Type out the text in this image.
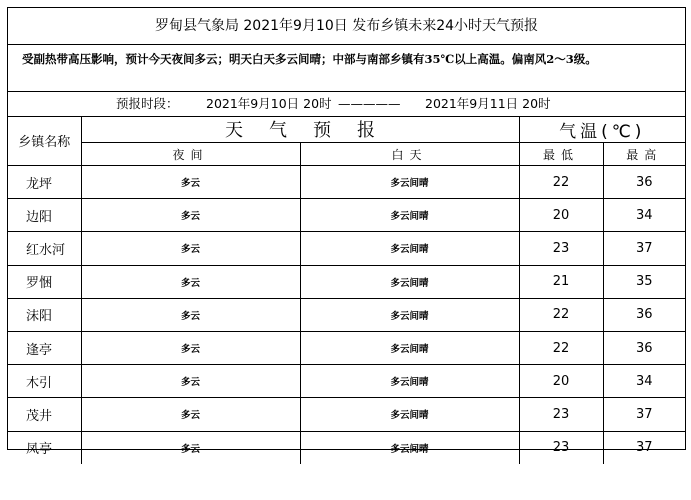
罗甸县气象局 2021年9月10日 发布乡镇未来24小时天气预报
受副热带高压影响，预计今天夜间多云；明天白天多云间晴；中部与南部乡镇有35℃以上高温。偏南风2～3级。
预报时段： 2021年9月10日 20时 ————— 2021年9月11日 20时
乡镇名称	天气预报		气温(℃)	
	夜间	白天	最低	最高
龙坪	多云	多云间晴	22	36
边阳	多云	多云间晴	20	34
红水河	多云	多云间晴	23	37
罗悃	多云	多云间晴	21	35
沫阳	多云	多云间晴	22	36
逢亭	多云	多云间晴	22	36
木引	多云	多云间晴	20	34
茂井	多云	多云间晴	23	37
凤亭	多云	多云间晴	23	37
